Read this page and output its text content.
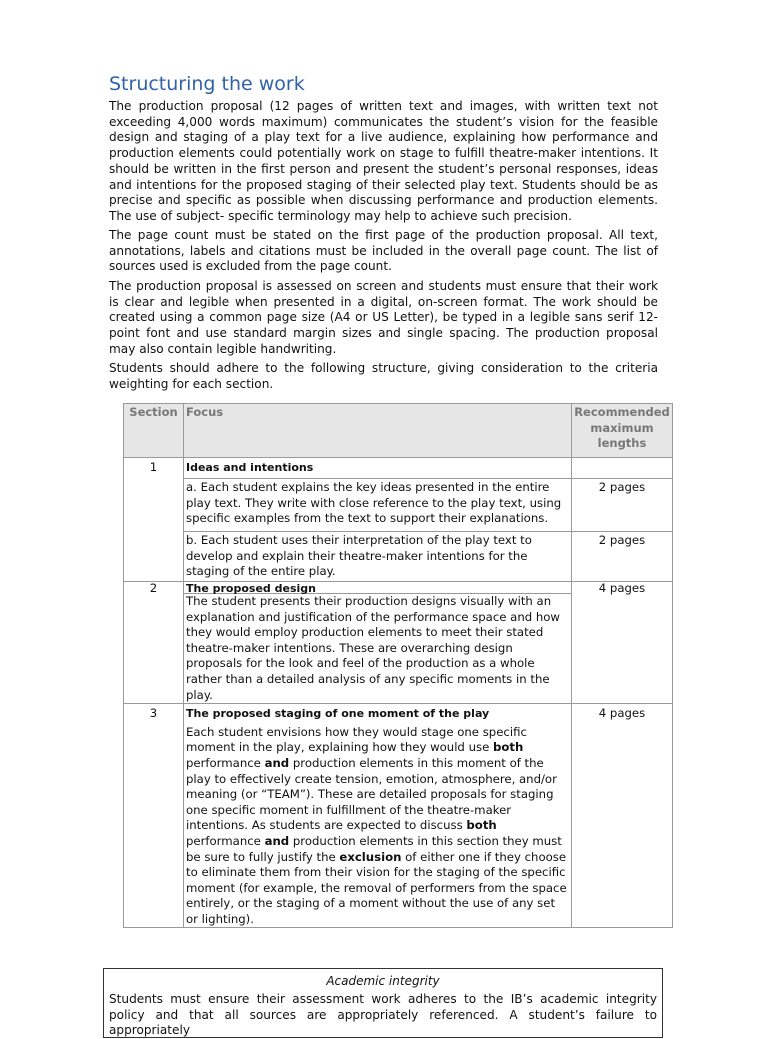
Structuring the work

The production proposal (12 pages of written text and images, with written text not exceeding 4,000 words maximum) communicates the student’s vision for the feasible design and staging of a play text for a live audience, explaining how performance and production elements could potentially work on stage to fulfill theatre-maker intentions. It should be written in the first person and present the student’s personal responses, ideas and intentions for the proposed staging of their selected play text. Students should be as precise and specific as possible when discussing performance and production elements. The use of subject- specific terminology may help to achieve such precision.

The page count must be stated on the first page of the production proposal. All text, annotations, labels and citations must be included in the overall page count. The list of sources used is excluded from the page count.

The production proposal is assessed on screen and students must ensure that their work is clear and legible when presented in a digital, on-screen format. The work should be created using a common page size (A4 or US Letter), be typed in a legible sans serif 12-point font and use standard margin sizes and single spacing. The production proposal may also contain legible handwriting.

Students should adhere to the following structure, giving consideration to the criteria weighting for each section.

Section	Focus	Recommended maximum lengths
1	Ideas and intentions	
	a. Each student explains the key ideas presented in the entire play text. They write with close reference to the play text, using specific examples from the text to support their explanations.	2 pages
	b. Each student uses their interpretation of the play text to develop and explain their theatre-maker intentions for the staging of the entire play.	2 pages
2	The proposed design	4 pages
	The student presents their production designs visually with an explanation and justification of the performance space and how they would employ production elements to meet their stated theatre-maker intentions. These are overarching design proposals for the look and feel of the production as a whole rather than a detailed analysis of any specific moments in the play.	
3	The proposed staging of one moment of the play
Each student envisions how they would stage one specific moment in the play, explaining how they would use both performance and production elements in this moment of the play to effectively create tension, emotion, atmosphere, and/or meaning (or “TEAM”). These are detailed proposals for staging one specific moment in fulfillment of the theatre-maker intentions. As students are expected to discuss both performance and production elements in this section they must be sure to fully justify the exclusion of either one if they choose to eliminate them from their vision for the staging of the specific moment (for example, the removal of performers from the space entirely, or the staging of a moment without the use of any set or lighting).	4 pages

Academic integrity

Students must ensure their assessment work adheres to the IB’s academic integrity policy and that all sources are appropriately referenced. A student’s failure to appropriately
